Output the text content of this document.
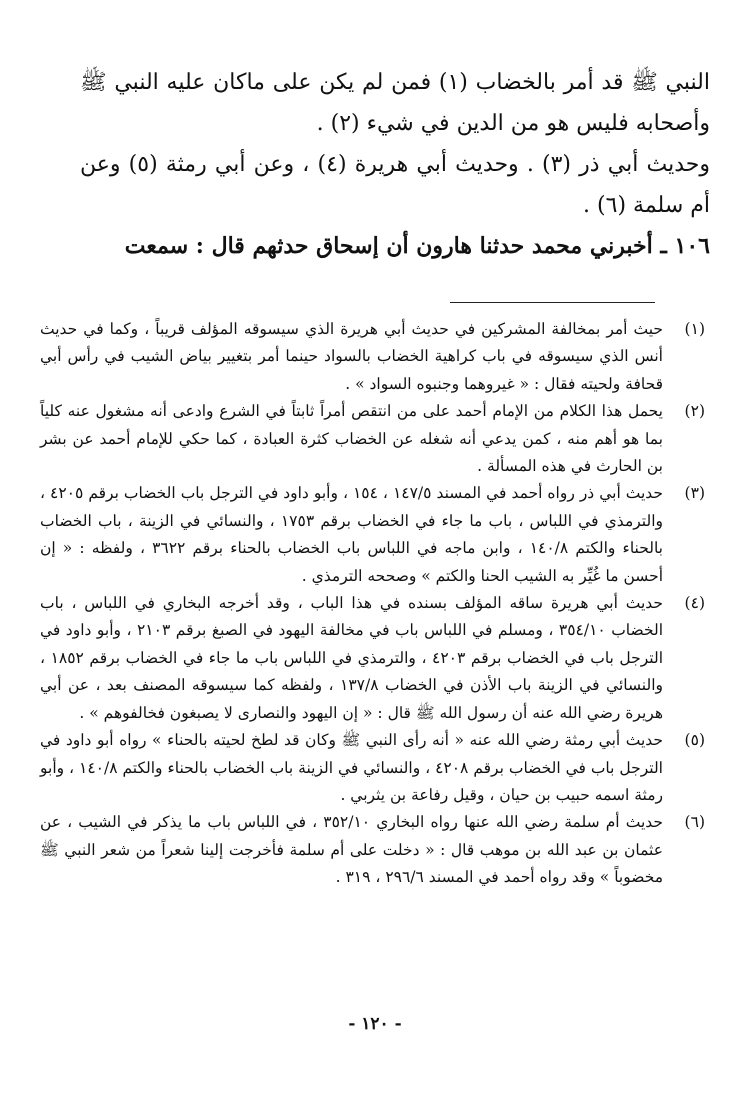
النبي ﷺ قد أمر بالخضاب (١) فمن لم يكن على ماكان عليه النبي ﷺ وأصحابه فليس هو من الدين في شيء (٢) .

وحديث أبي ذر (٣) . وحديث أبي هريرة (٤) ، وعن أبي رمثة (٥) وعن أم سلمة (٦) .

١٠٦ ـ أخبرني محمد حدثنا هارون أن إسحاق حدثهم قال : سمعت

(١)
حيث أمر بمخالفة المشركين في حديث أبي هريرة الذي سيسوقه المؤلف قريباً ، وكما في حديث أنس الذي سيسوقه في باب كراهية الخضاب بالسواد حينما أمر بتغيير بياض الشيب في رأس أبي قحافة ولحيته فقال : « غيروهما وجنبوه السواد » .
(٢)
يحمل هذا الكلام من الإمام أحمد على من انتقص أمراً ثابتاً في الشرع وادعى أنه مشغول عنه كلياً بما هو أهم منه ، كمن يدعي أنه شغله عن الخضاب كثرة العبادة ، كما حكي للإمام أحمد عن بشر بن الحارث في هذه المسألة .
(٣)
حديث أبي ذر رواه أحمد في المسند ١٤٧/٥ ، ١٥٤ ، وأبو داود في الترجل باب الخضاب برقم ٤٢٠٥ ، والترمذي في اللباس ، باب ما جاء في الخضاب برقم ١٧٥٣ ، والنسائي في الزينة ، باب الخضاب بالحناء والكتم ١٤٠/٨ ، وابن ماجه في اللباس باب الخضاب بالحناء برقم ٣٦٢٢ ، ولفظه : « إن أحسن ما غُيِّر به الشيب الحنا والكتم » وصححه الترمذي .
(٤)
حديث أبي هريرة ساقه المؤلف بسنده في هذا الباب ، وقد أخرجه البخاري في اللباس ، باب الخضاب ٣٥٤/١٠ ، ومسلم في اللباس باب في مخالفة اليهود في الصبغ برقم ٢١٠٣ ، وأبو داود في الترجل باب في الخضاب برقم ٤٢٠٣ ، والترمذي في اللباس باب ما جاء في الخضاب برقم ١٨٥٢ ، والنسائي في الزينة باب الأذن في الخضاب ١٣٧/٨ ، ولفظه كما سيسوقه المصنف بعد ، عن أبي هريرة رضي الله عنه أن رسول الله ﷺ قال : « إن اليهود والنصارى لا يصبغون فخالفوهم » .
(٥)
حديث أبي رمثة رضي الله عنه « أنه رأى النبي ﷺ وكان قد لطخ لحيته بالحناء » رواه أبو داود في الترجل باب في الخضاب برقم ٤٢٠٨ ، والنسائي في الزينة باب الخضاب بالحناء والكتم ١٤٠/٨ ، وأبو رمثة اسمه حبيب بن حيان ، وقيل رفاعة بن يثربي .
(٦)
حديث أم سلمة رضي الله عنها رواه البخاري ٣٥٢/١٠ ، في اللباس باب ما يذكر في الشيب ، عن عثمان بن عبد الله بن موهب قال : « دخلت على أم سلمة فأخرجت إلينا شعراً من شعر النبي ﷺ مخضوباً » وقد رواه أحمد في المسند ٢٩٦/٦ ، ٣١٩ .
- ١٢٠ -
